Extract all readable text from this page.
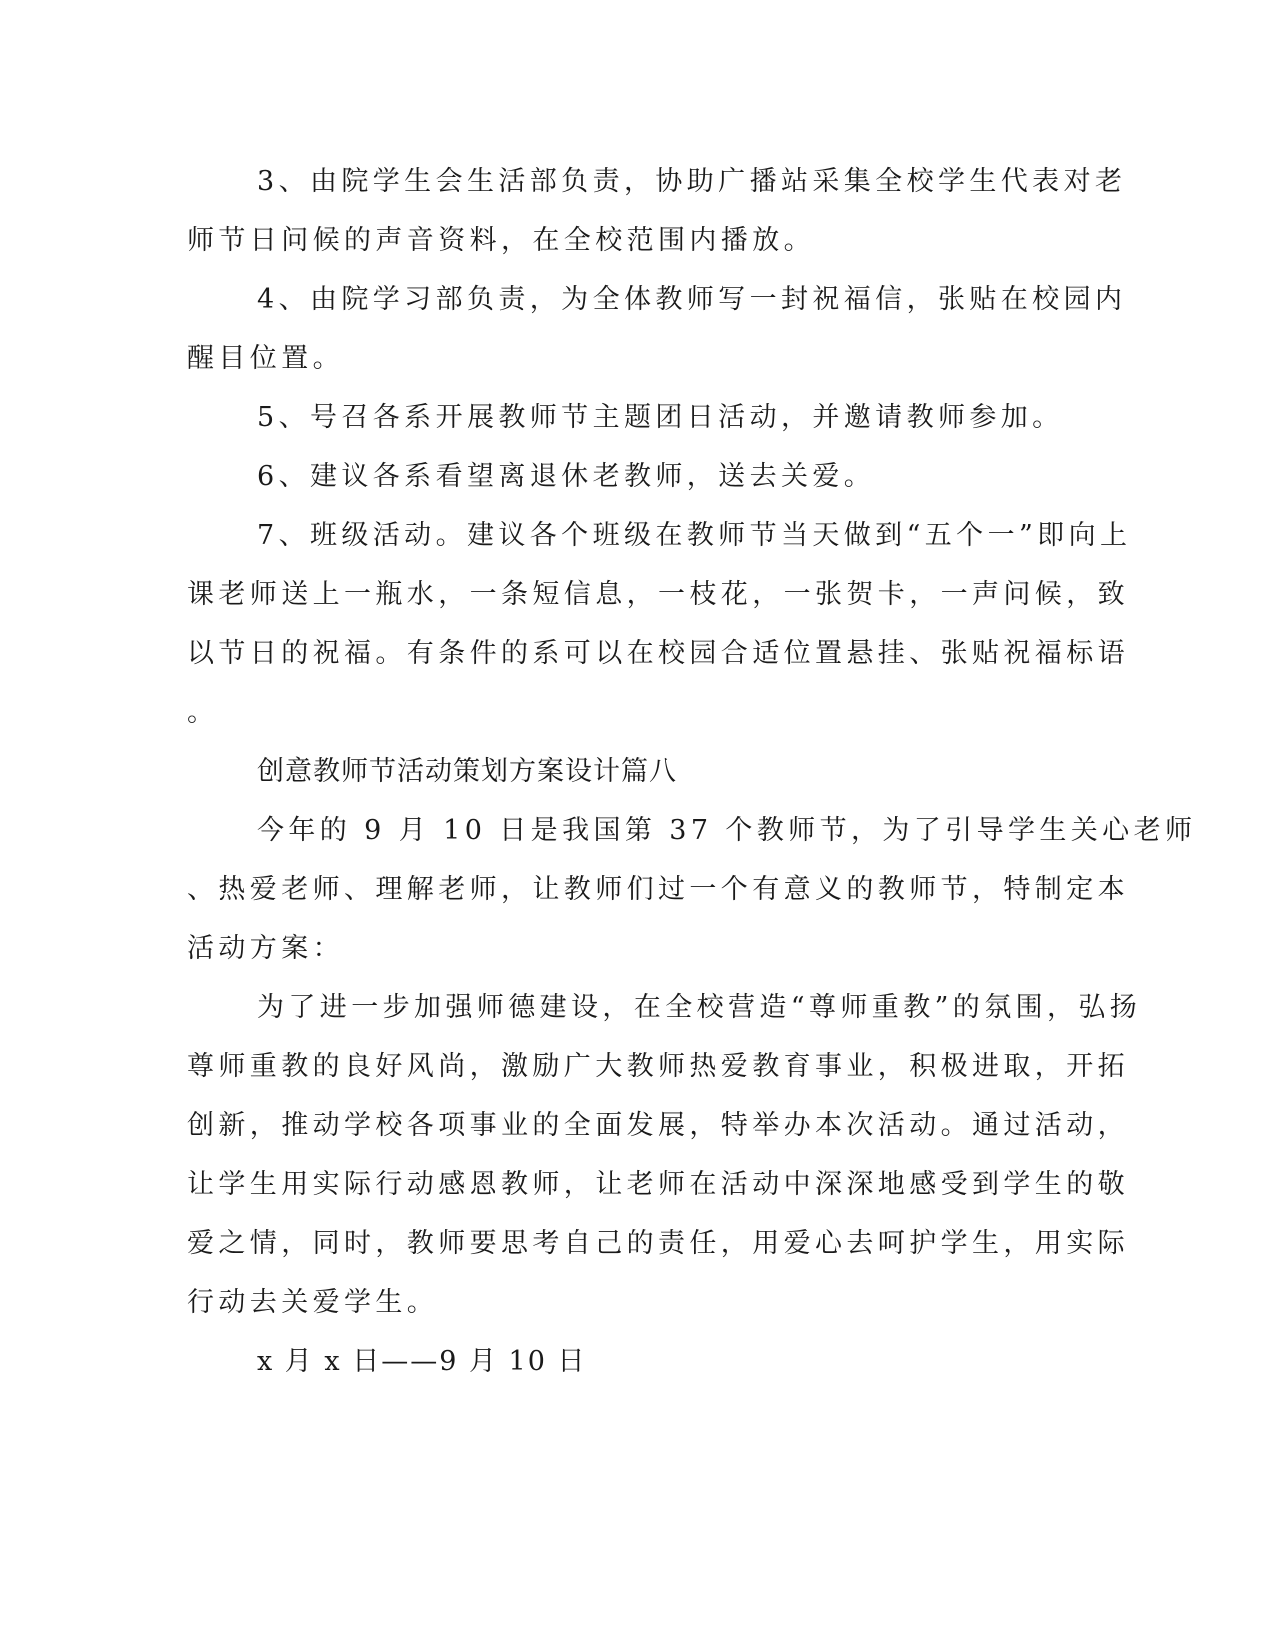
3、由院学生会生活部负责，协助广播站采集全校学生代表对老
师节日问候的声音资料，在全校范围内播放。
4、由院学习部负责，为全体教师写一封祝福信，张贴在校园内
醒目位置。
5、号召各系开展教师节主题团日活动，并邀请教师参加。
6、建议各系看望离退休老教师，送去关爱。
7、班级活动。建议各个班级在教师节当天做到“五个一”即向上
课老师送上一瓶水，一条短信息，一枝花，一张贺卡，一声问候，致
以节日的祝福。有条件的系可以在校园合适位置悬挂、张贴祝福标语
。
创意教师节活动策划方案设计篇八
今年的 9 月 10 日是我国第 37 个教师节，为了引导学生关心老师
、热爱老师、理解老师，让教师们过一个有意义的教师节，特制定本
活动方案：
为了进一步加强师德建设，在全校营造“尊师重教”的氛围，弘扬
尊师重教的良好风尚，激励广大教师热爱教育事业，积极进取，开拓
创新，推动学校各项事业的全面发展，特举办本次活动。通过活动，
让学生用实际行动感恩教师，让老师在活动中深深地感受到学生的敬
爱之情，同时，教师要思考自己的责任，用爱心去呵护学生，用实际
行动去关爱学生。
x 月 x 日——9 月 10 日
